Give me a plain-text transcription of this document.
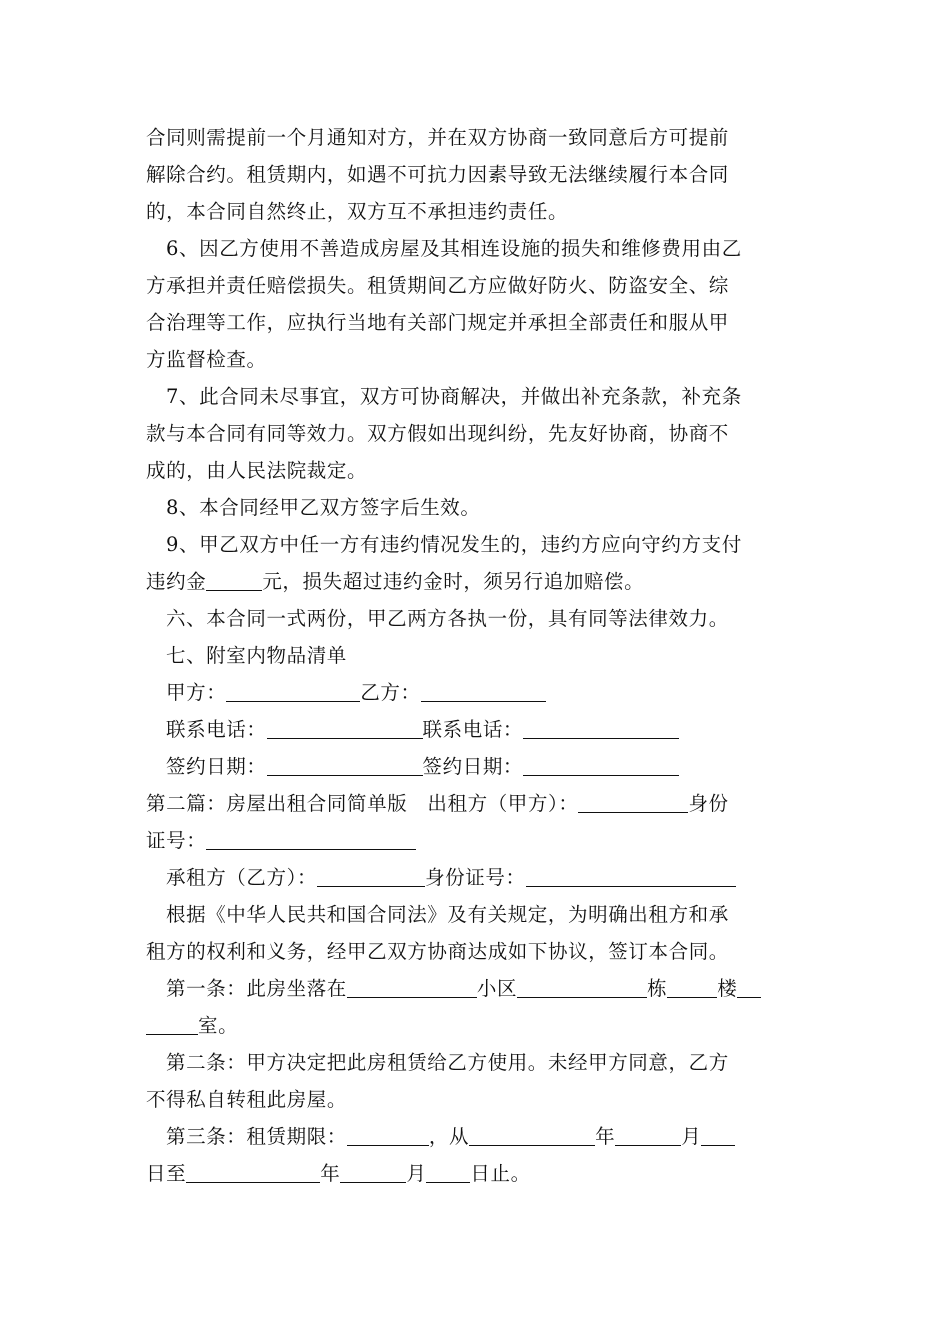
合同则需提前一个月通知对方，并在双方协商一致同意后方可提前
解除合约。租赁期内，如遇不可抗力因素导致无法继续履行本合同
的，本合同自然终止，双方互不承担违约责任。
6、因乙方使用不善造成房屋及其相连设施的损失和维修费用由乙
方承担并责任赔偿损失。租赁期间乙方应做好防火、防盗安全、综
合治理等工作，应执行当地有关部门规定并承担全部责任和服从甲
方监督检查。
7、此合同未尽事宜，双方可协商解决，并做出补充条款，补充条
款与本合同有同等效力。双方假如出现纠纷，先友好协商，协商不
成的，由人民法院裁定。
8、本合同经甲乙双方签字后生效。
9、甲乙双方中任一方有违约情况发生的，违约方应向守约方支付
违约金	元，损失超过违约金时，须另行追加赔偿。
六、本合同一式两份，甲乙两方各执一份，具有同等法律效力。
七、附室内物品清单
甲方：	乙方：
联系电话：	联系电话：
签约日期：	签约日期：
第二篇：房屋出租合同简单版　出租方（甲方）：	身份
证号：
承租方（乙方）：	身份证号：
根据《中华人民共和国合同法》及有关规定，为明确出租方和承
租方的权利和义务，经甲乙双方协商达成如下协议，签订本合同。
第一条：此房坐落在	小区	栋	楼
室。
第二条：甲方决定把此房租赁给乙方使用。未经甲方同意，乙方
不得私自转租此房屋。
第三条：租赁期限：	，从	年	月
日至	年	月 日止。
